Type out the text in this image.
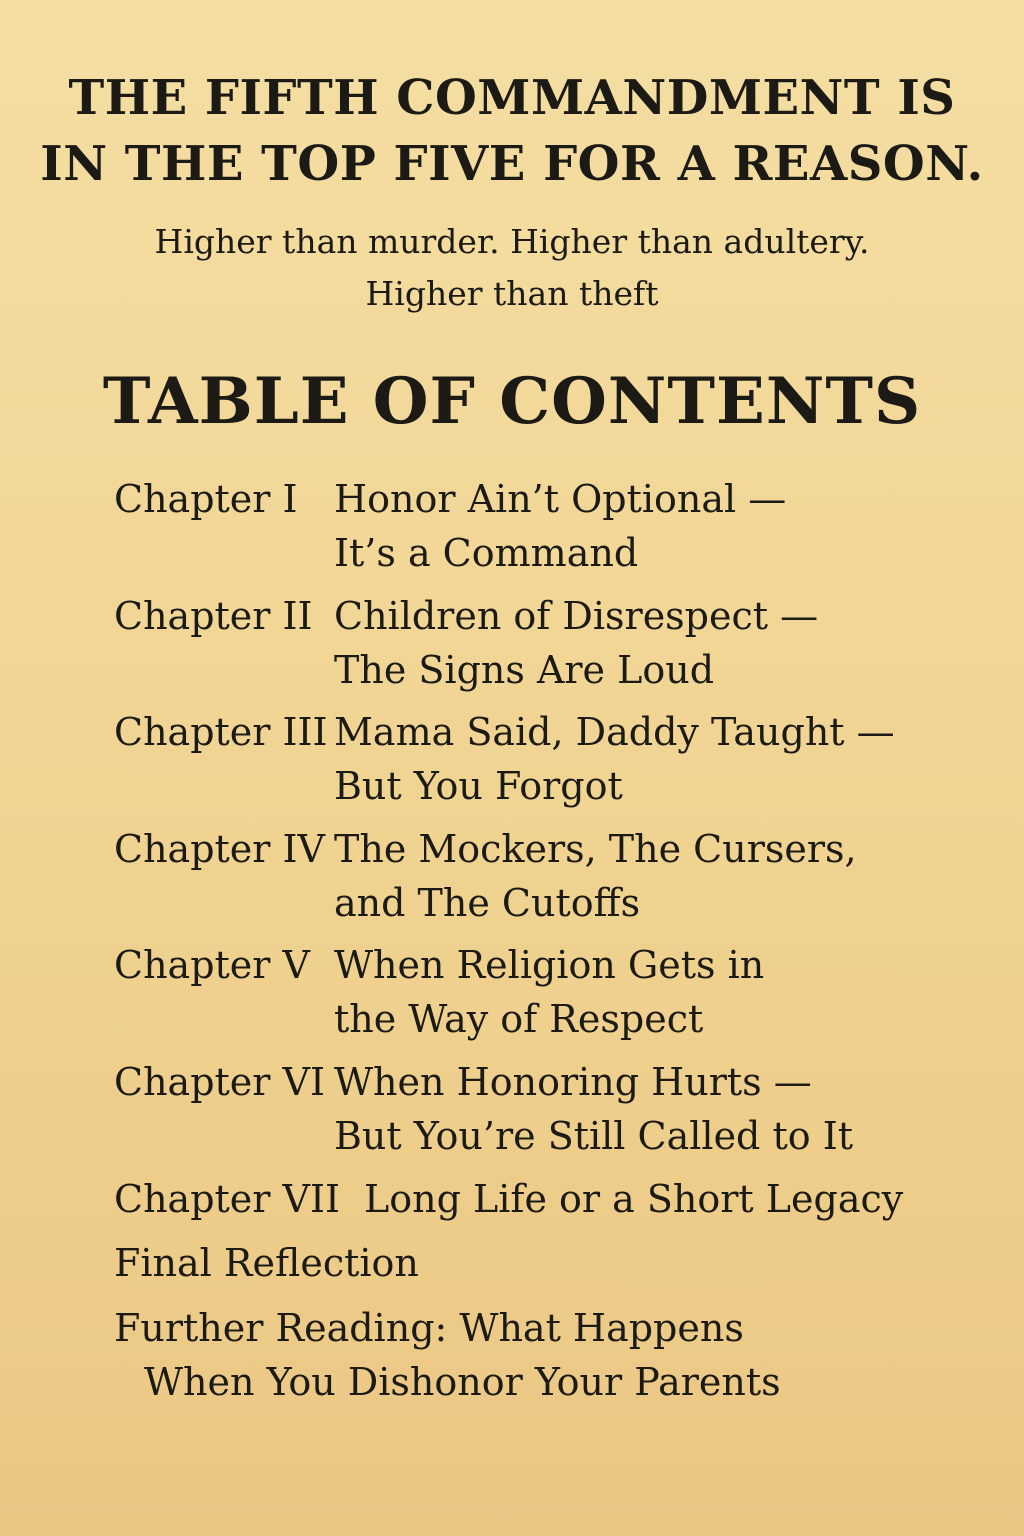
THE FIFTH COMMANDMENT IS
IN THE TOP FIVE FOR A REASON.

Higher than murder. Higher than adultery.

Higher than theft

TABLE OF CONTENTS
Chapter I Honor Ain’t Optional —
It’s a Command
Chapter II Children of Disrespect —
The Signs Are Loud
Chapter III Mama Said, Daddy Taught —
But You Forgot
Chapter IV The Mockers, The Cursers,
and The Cutoffs
Chapter V When Religion Gets in
the Way of Respect
Chapter VI When Honoring Hurts —
But You’re Still Called to It
Chapter VII Long Life or a Short Legacy
Final Reflection
Further Reading: What Happens
When You Dishonor Your Parents
